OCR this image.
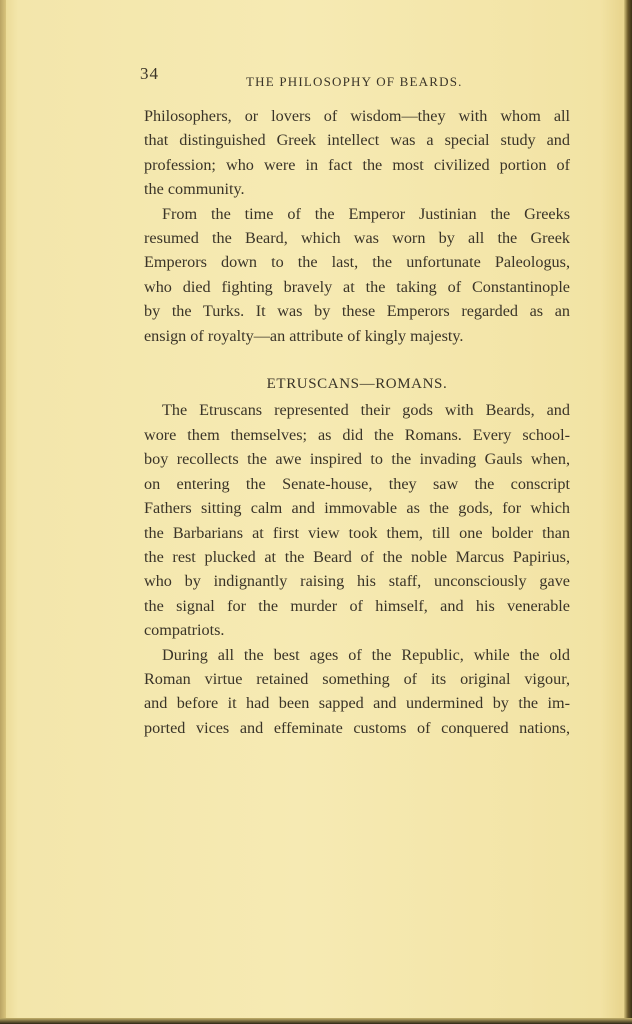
34	THE PHILOSOPHY OF BEARDS.
Philosophers, or lovers of wisdom—they with whom all
that distinguished Greek intellect was a special study and
profession; who were in fact the most civilized portion of
the community.
From the time of the Emperor Justinian the Greeks
resumed the Beard, which was worn by all the Greek
Emperors down to the last, the unfortunate Paleologus,
who died fighting bravely at the taking of Constantinople
by the Turks. It was by these Emperors regarded as an
ensign of royalty—an attribute of kingly majesty.
ETRUSCANS—ROMANS.
The Etruscans represented their gods with Beards, and
wore them themselves; as did the Romans. Every school-
boy recollects the awe inspired to the invading Gauls when,
on entering the Senate-house, they saw the conscript
Fathers sitting calm and immovable as the gods, for which
the Barbarians at first view took them, till one bolder than
the rest plucked at the Beard of the noble Marcus Papirius,
who by indignantly raising his staff, unconsciously gave
the signal for the murder of himself, and his venerable
compatriots.
During all the best ages of the Republic, while the old
Roman virtue retained something of its original vigour,
and before it had been sapped and undermined by the im-
ported vices and effeminate customs of conquered nations,
